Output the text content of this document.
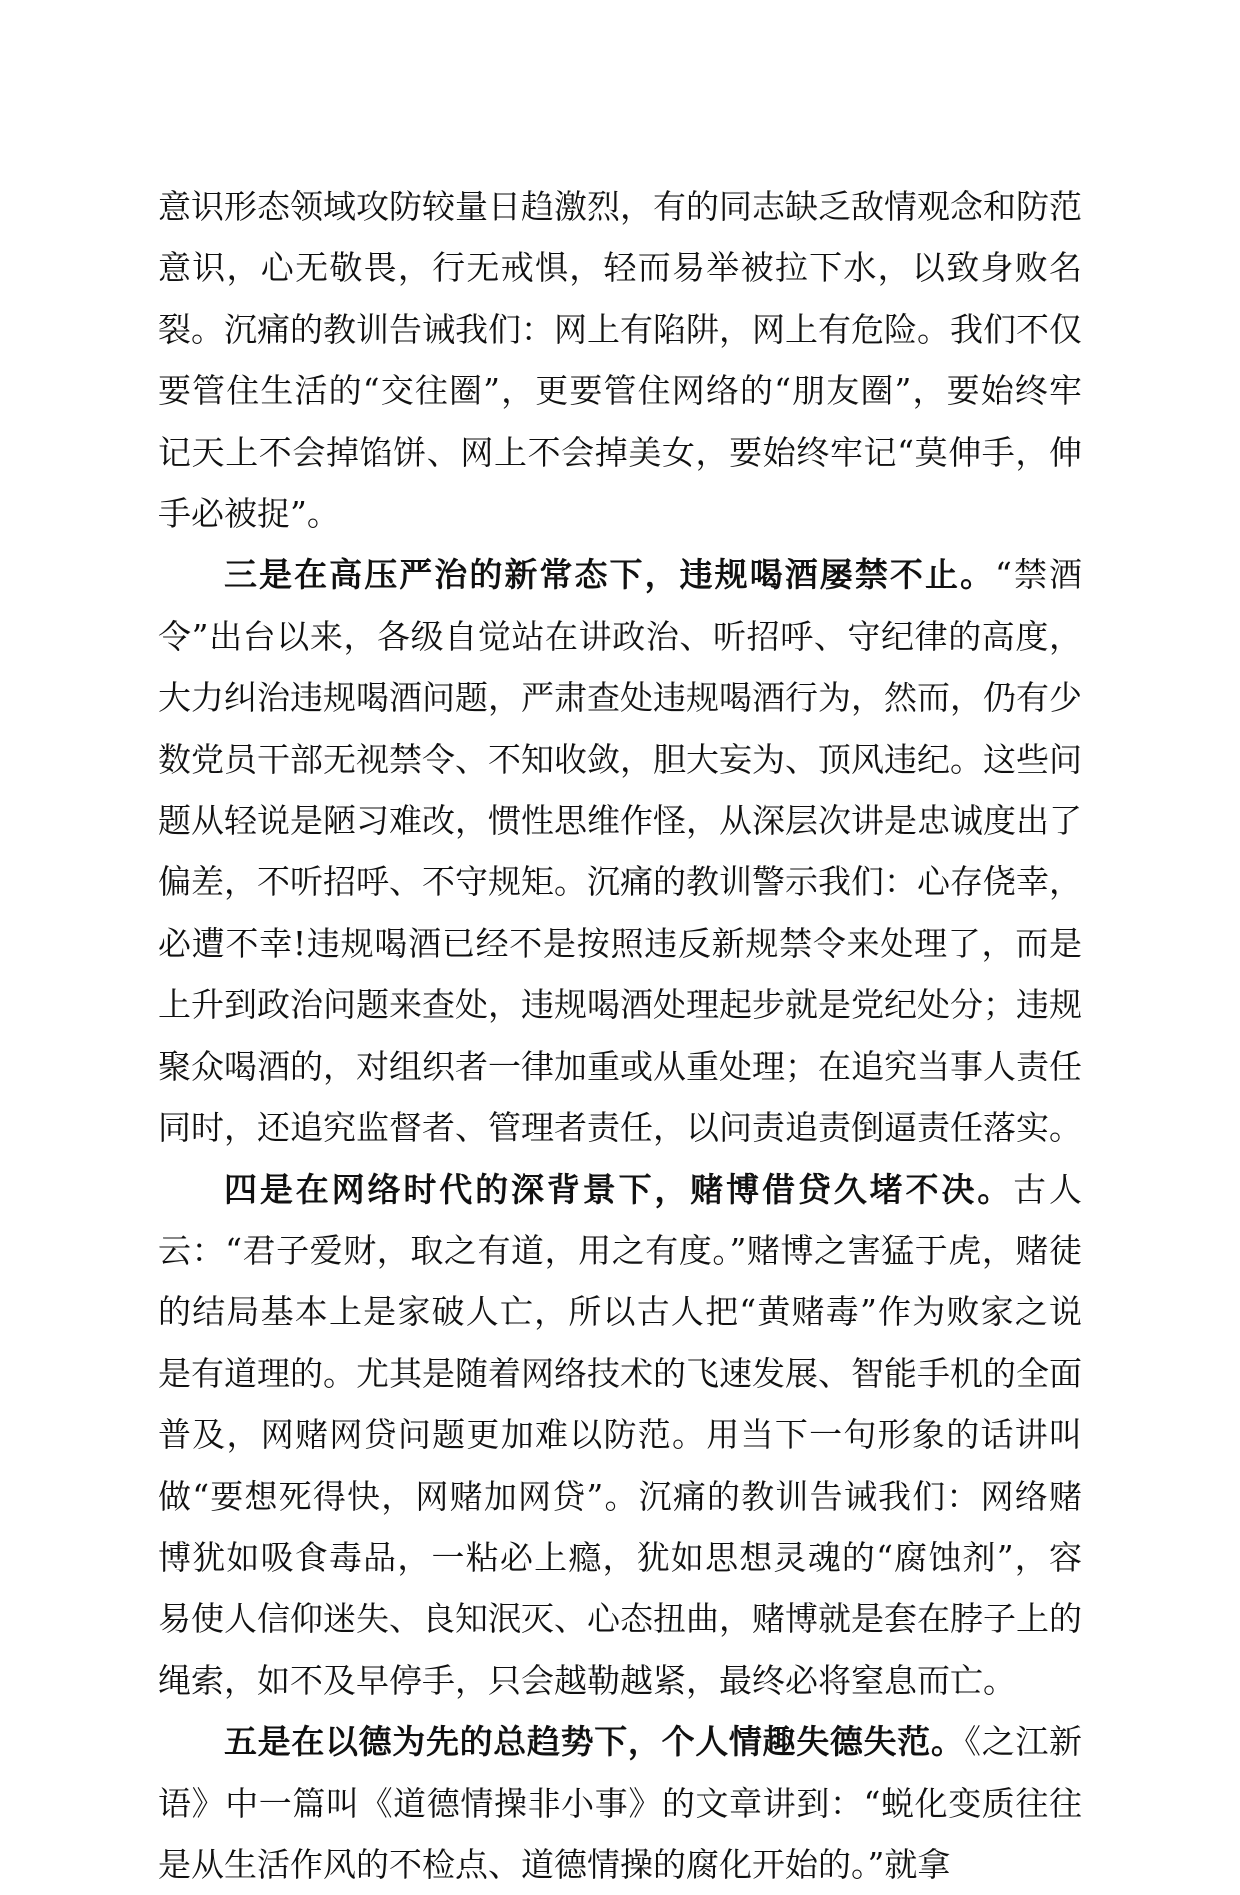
意识形态领域攻防较量日趋激烈，有的同志缺乏敌情观念和防范意识，心无敬畏，行无戒惧，轻而易举被拉下水，以致身败名裂。沉痛的教训告诫我们：网上有陷阱，网上有危险。我们不仅要管住生活的“交往圈”，更要管住网络的“朋友圈”，要始终牢记天上不会掉馅饼、网上不会掉美女，要始终牢记“莫伸手，伸手必被捉”。

三是在高压严治的新常态下，违规喝酒屡禁不止。“禁酒令”出台以来，各级自觉站在讲政治、听招呼、守纪律的高度，大力纠治违规喝酒问题，严肃查处违规喝酒行为，然而，仍有少数党员干部无视禁令、不知收敛，胆大妄为、顶风违纪。这些问题从轻说是陋习难改，惯性思维作怪，从深层次讲是忠诚度出了偏差，不听招呼、不守规矩。沉痛的教训警示我们：心存侥幸，必遭不幸!违规喝酒已经不是按照违反新规禁令来处理了，而是上升到政治问题来查处，违规喝酒处理起步就是党纪处分；违规聚众喝酒的，对组织者一律加重或从重处理；在追究当事人责任同时，还追究监督者、管理者责任，以问责追责倒逼责任落实。

四是在网络时代的深背景下，赌博借贷久堵不决。古人云：“君子爱财，取之有道，用之有度。”赌博之害猛于虎，赌徒的结局基本上是家破人亡，所以古人把“黄赌毒”作为败家之说是有道理的。尤其是随着网络技术的飞速发展、智能手机的全面普及，网赌网贷问题更加难以防范。用当下一句形象的话讲叫做“要想死得快，网赌加网贷”。沉痛的教训告诫我们：网络赌博犹如吸食毒品，一粘必上瘾，犹如思想灵魂的“腐蚀剂”，容易使人信仰迷失、良知泯灭、心态扭曲，赌博就是套在脖子上的绳索，如不及早停手，只会越勒越紧，最终必将窒息而亡。

五是在以德为先的总趋势下，个人情趣失德失范。《之江新语》中一篇叫《道德情操非小事》的文章讲到：“蜕化变质往往是从生活作风的不检点、道德情操的腐化开始的。”就拿
